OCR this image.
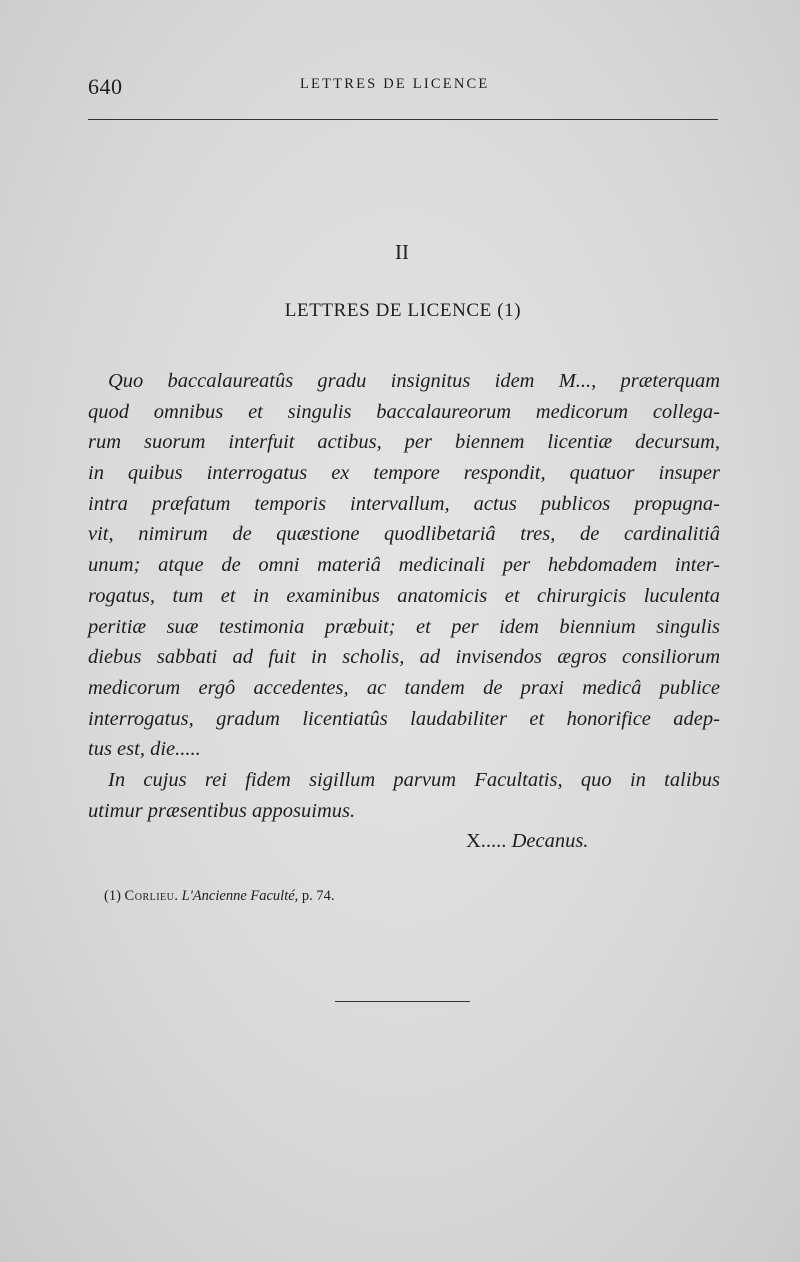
640	LETTRES DE LICENCE
II
LETTRES DE LICENCE (1)
Quo baccalaureatûs gradu insignitus idem M..., præterquam
quod omnibus et singulis baccalaureorum medicorum collega-
rum suorum interfuit actibus, per biennem licentiæ decursum,
in quibus interrogatus ex tempore respondit, quatuor insuper
intra præfatum temporis intervallum, actus publicos propugna-
vit, nimirum de quæstione quodlibetariâ tres, de cardinalitiâ
unum; atque de omni materiâ medicinali per hebdomadem inter-
rogatus, tum et in examinibus anatomicis et chirurgicis luculenta
peritiæ suæ testimonia præbuit; et per idem biennium singulis
diebus sabbati ad fuit in scholis, ad invisendos ægros consiliorum
medicorum ergô accedentes, ac tandem de praxi medicâ publice
interrogatus, gradum licentiatûs laudabiliter et honorifice adep-
tus est, die.....
In cujus rei fidem sigillum parvum Facultatis, quo in talibus
utimur præsentibus apposuimus.
X..... Decanus.
(1) Corlieu. L'Ancienne Faculté, p. 74.
